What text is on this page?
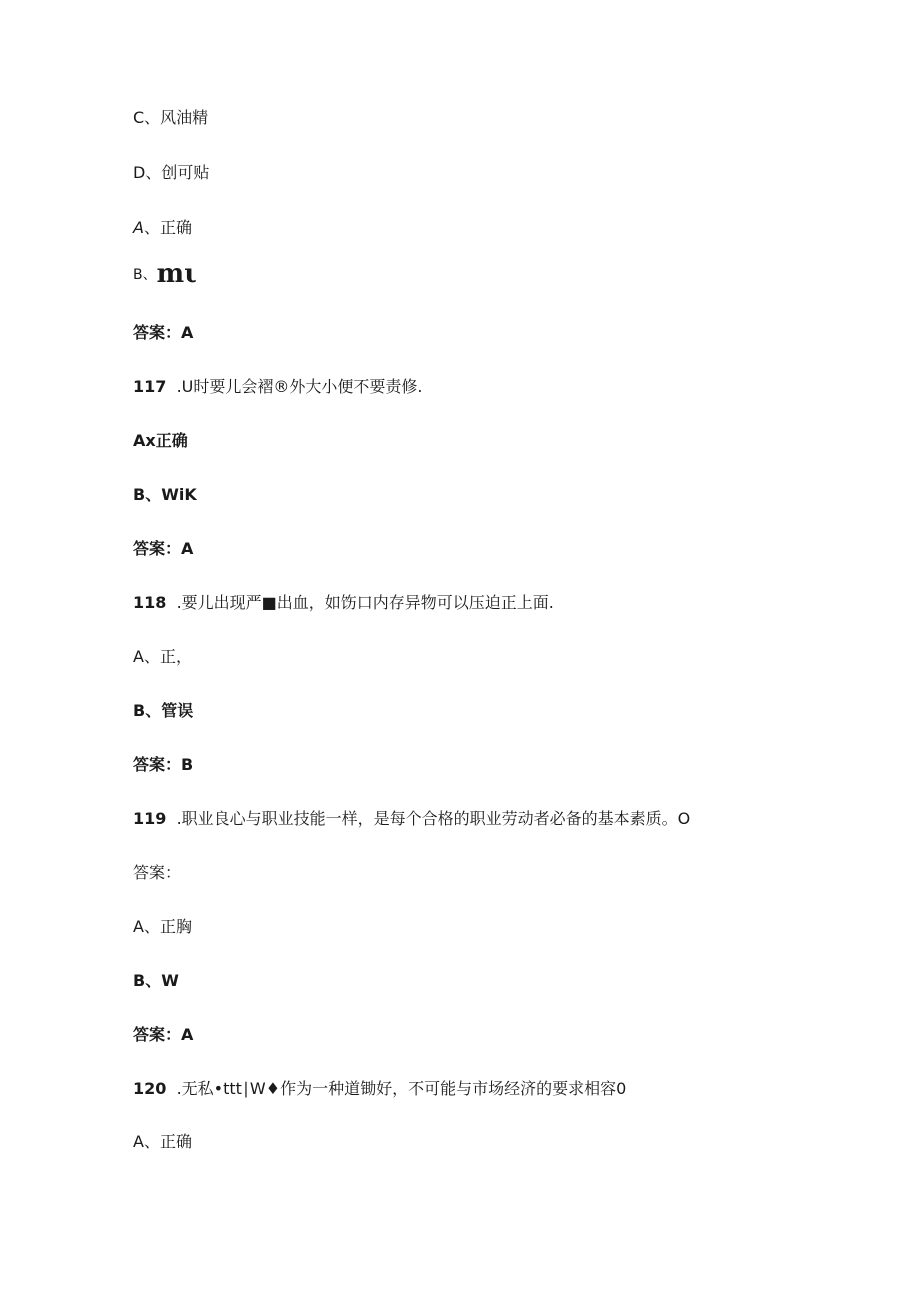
C、风油精
D、创可贴
A、正确
B、mι
答案：A
117 .U时要儿会褶®外大小便不要责修.
Ax正确
B、WiK
答案：A
118 .要儿出现严■出血，如饬口内存异物可以压迫正上面.
A、正，
B、管误
答案：B
119 .职业良心与职业技能一样，是每个合格的职业劳动者必备的基本素质。O
答案：
A、正胸
B、W
答案：A
120 .无私•ttt∣W♦作为一种道锄好，不可能与市场经济的要求相容0
A、正确
